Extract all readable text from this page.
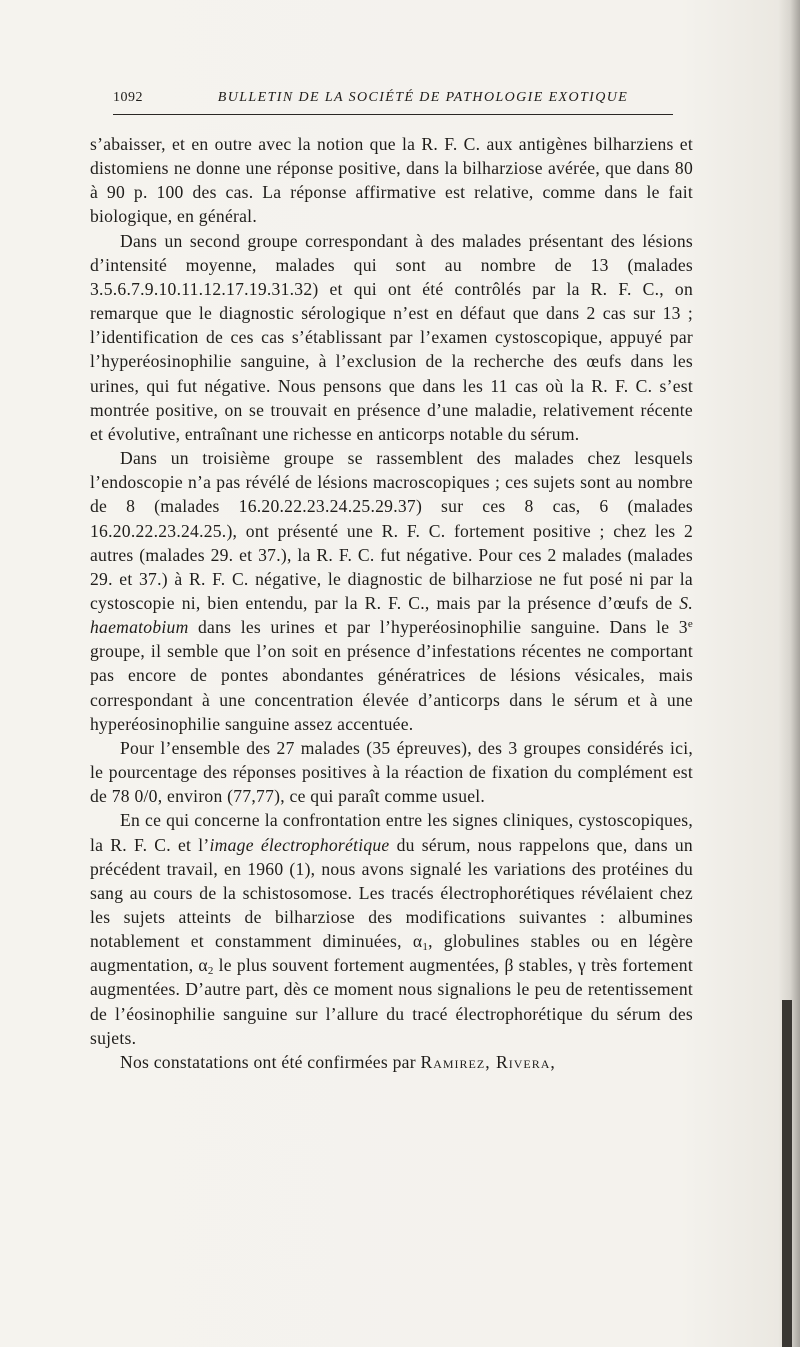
1092	BULLETIN DE LA SOCIÉTÉ DE PATHOLOGIE EXOTIQUE

s’abaisser, et en outre avec la notion que la R. F. C. aux antigènes bilharziens et distomiens ne donne une réponse positive, dans la bilharziose avérée, que dans 80 à 90 p. 100 des cas. La réponse affirmative est relative, comme dans le fait biologique, en général.

Dans un second groupe correspondant à des malades présentant des lésions d’intensité moyenne, malades qui sont au nombre de 13 (malades 3.5.6.7.9.10.11.12.17.19.31.32) et qui ont été contrôlés par la R. F. C., on remarque que le diagnostic sérologique n’est en défaut que dans 2 cas sur 13 ; l’identification de ces cas s’établissant par l’examen cystoscopique, appuyé par l’hyperéosinophilie sanguine, à l’exclusion de la recherche des œufs dans les urines, qui fut négative. Nous pensons que dans les 11 cas où la R. F. C. s’est montrée positive, on se trouvait en présence d’une maladie, relativement récente et évolutive, entraînant une richesse en anticorps notable du sérum.

Dans un troisième groupe se rassemblent des malades chez lesquels l’endoscopie n’a pas révélé de lésions macroscopiques ; ces sujets sont au nombre de 8 (malades 16.20.22.23.24.25.29.37) sur ces 8 cas, 6 (malades 16.20.22.23.24.25.), ont présenté une R. F. C. fortement positive ; chez les 2 autres (malades 29. et 37.), la R. F. C. fut négative. Pour ces 2 malades (malades 29. et 37.) à R. F. C. négative, le diagnostic de bilharziose ne fut posé ni par la cystoscopie ni, bien entendu, par la R. F. C., mais par la présence d’œufs de S. haematobium dans les urines et par l’hyperéosinophilie sanguine. Dans le 3e groupe, il semble que l’on soit en présence d’infestations récentes ne comportant pas encore de pontes abondantes génératrices de lésions vésicales, mais correspondant à une concentration élevée d’anticorps dans le sérum et à une hyperéosinophilie sanguine assez accentuée.

Pour l’ensemble des 27 malades (35 épreuves), des 3 groupes considérés ici, le pourcentage des réponses positives à la réaction de fixation du complément est de 78 0/0, environ (77,77), ce qui paraît comme usuel.

En ce qui concerne la confrontation entre les signes cliniques, cystoscopiques, la R. F. C. et l’image électrophorétique du sérum, nous rappelons que, dans un précédent travail, en 1960 (1), nous avons signalé les variations des protéines du sang au cours de la schistosomose. Les tracés électrophorétiques révélaient chez les sujets atteints de bilharziose des modifications suivantes : albumines notablement et constamment diminuées, $\alpha_1$, globulines stables ou en légère augmentation, $\alpha_2$ le plus souvent fortement augmentées, β stables, γ très fortement augmentées. D’autre part, dès ce moment nous signalions le peu de retentissement de l’éosinophilie sanguine sur l’allure du tracé électrophorétique du sérum des sujets.

Nos constatations ont été confirmées par Ramirez, Rivera,
